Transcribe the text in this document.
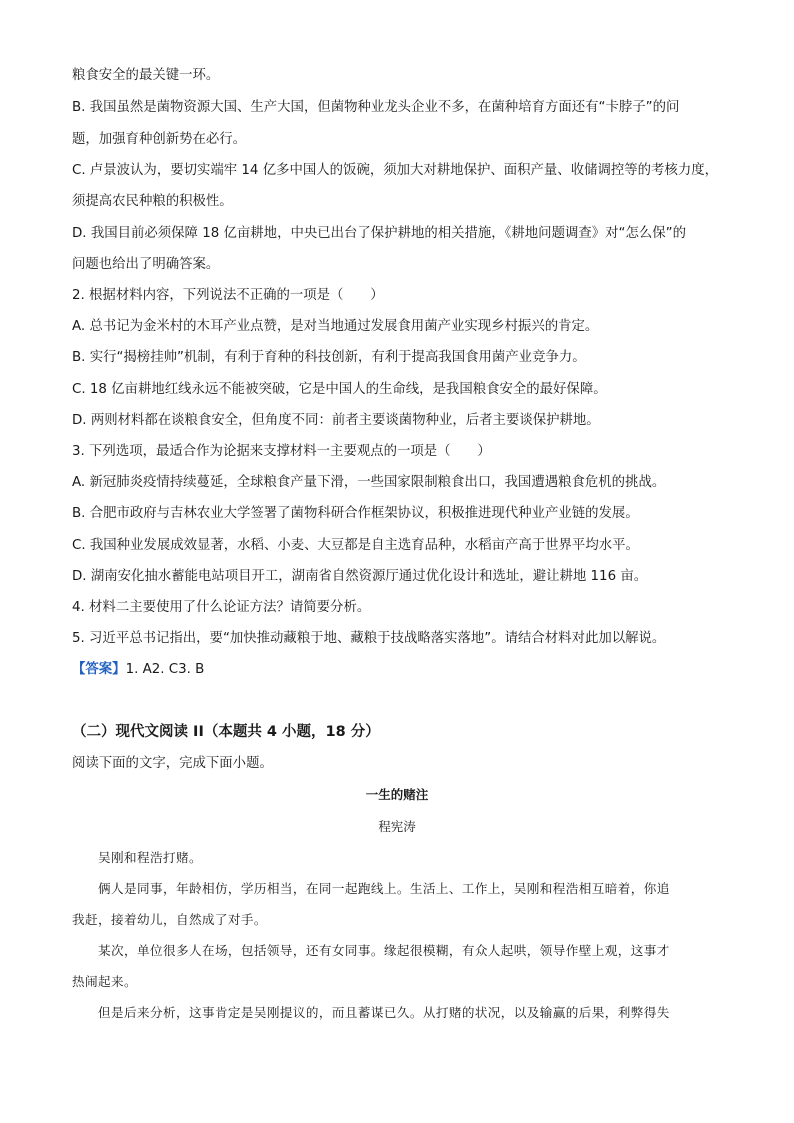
粮食安全的最关键一环。
B. 我国虽然是菌物资源大国、生产大国，但菌物种业龙头企业不多，在菌种培育方面还有“卡脖子”的问
题，加强育种创新势在必行。
C. 卢景波认为，要切实端牢 14 亿多中国人的饭碗，须加大对耕地保护、面积产量、收储调控等的考核力度，
须提高农民种粮的积极性。
D. 我国目前必须保障 18 亿亩耕地，中央已出台了保护耕地的相关措施，《耕地问题调查》对“怎么保”的
问题也给出了明确答案。
2. 根据材料内容，下列说法不正确的一项是（　　）
A. 总书记为金米村的木耳产业点赞，是对当地通过发展食用菌产业实现乡村振兴的肯定。
B. 实行“揭榜挂帅”机制，有利于育种的科技创新，有利于提高我国食用菌产业竞争力。
C. 18 亿亩耕地红线永远不能被突破，它是中国人的生命线，是我国粮食安全的最好保障。
D. 两则材料都在谈粮食安全，但角度不同：前者主要谈菌物种业，后者主要谈保护耕地。
3. 下列选项，最适合作为论据来支撑材料一主要观点的一项是（　　）
A. 新冠肺炎疫情持续蔓延，全球粮食产量下滑，一些国家限制粮食出口，我国遭遇粮食危机的挑战。
B. 合肥市政府与吉林农业大学签署了菌物科研合作框架协议，积极推进现代种业产业链的发展。
C. 我国种业发展成效显著，水稻、小麦、大豆都是自主选育品种，水稻亩产高于世界平均水平。
D. 湖南安化抽水蓄能电站项目开工，湖南省自然资源厅通过优化设计和选址，避让耕地 116 亩。
4. 材料二主要使用了什么论证方法？请简要分析。
5. 习近平总书记指出，要“加快推动藏粮于地、藏粮于技战略落实落地”。请结合材料对此加以解说。
【答案】1. A2. C3. B
（二）现代文阅读 II（本题共 4 小题，18 分）
阅读下面的文字，完成下面小题。
一生的赌注
程宪涛
吴刚和程浩打赌。
俩人是同事，年龄相仿，学历相当，在同一起跑线上。生活上、工作上，吴刚和程浩相互暗着，你追
我赶，接着幼儿，自然成了对手。
某次，单位很多人在场，包括领导，还有女同事。缘起很模糊，有众人起哄，领导作壁上观，这事才
热闹起来。
但是后来分析，这事肯定是吴刚提议的，而且蓄谋已久。从打赌的状况，以及输赢的后果，利弊得失
